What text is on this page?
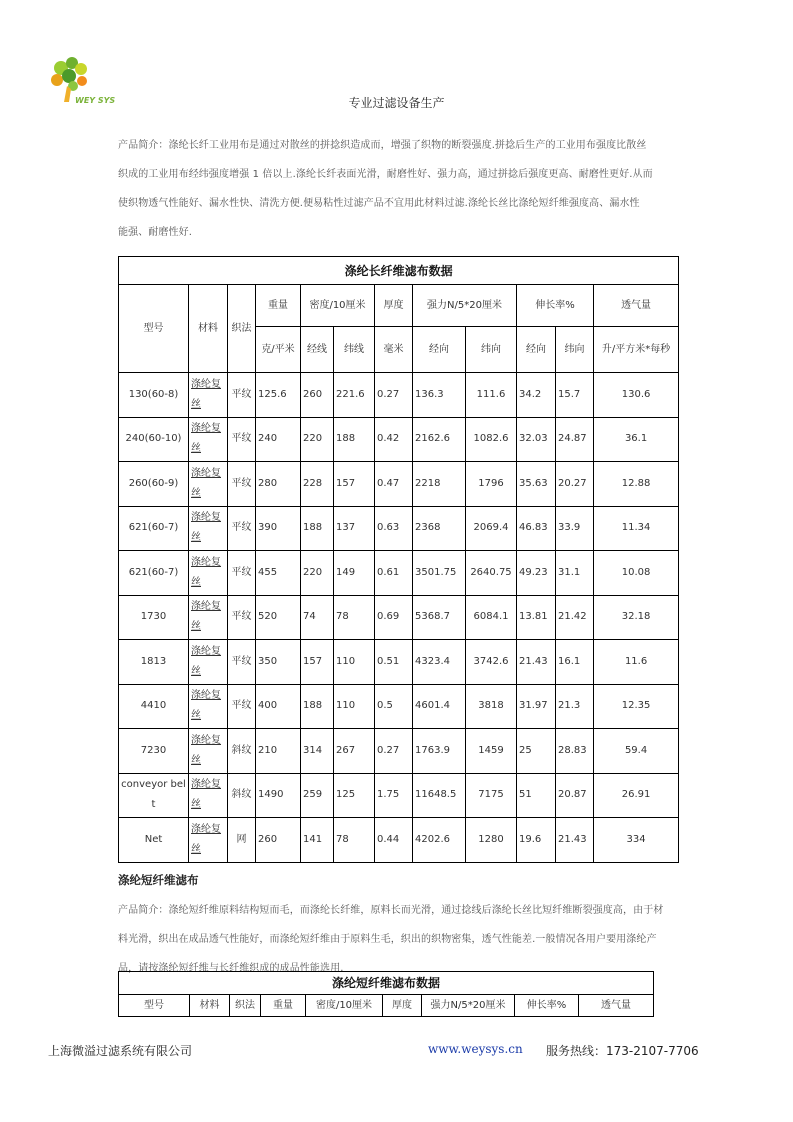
WEY SYS	专业过滤设备生产

产品简介：涤纶长纤工业用布是通过对散丝的拼捻织造成而，增强了织物的断裂强度.拼捻后生产的工业用布强度比散丝

织成的工业用布经纬强度增强 1 倍以上.涤纶长纤表面光滑，耐磨性好、强力高，通过拼捻后强度更高、耐磨性更好.从而

使织物透气性能好、漏水性快、清洗方便.便易粘性过滤产品不宜用此材料过滤.涤纶长丝比涤纶短纤维强度高、漏水性

能强、耐磨性好.

涤纶长纤维滤布数据											
型号	材料	织法	重量	密度/10厘米		厚度	强力N/5*20厘米		伸长率%		透气量
			克/平米	经线	纬线	毫米	经向	纬向	经向	纬向	升/平方米*每秒
130(60-8)	涤纶复丝	平纹	125.6	260	221.6	0.27	136.3	111.6	34.2	15.7	130.6
240(60-10)	涤纶复丝	平纹	240	220	188	0.42	2162.6	1082.6	32.03	24.87	36.1
260(60-9)	涤纶复丝	平纹	280	228	157	0.47	2218	1796	35.63	20.27	12.88
621(60-7)	涤纶复丝	平纹	390	188	137	0.63	2368	2069.4	46.83	33.9	11.34
621(60-7)	涤纶复丝	平纹	455	220	149	0.61	3501.75	2640.75	49.23	31.1	10.08
1730	涤纶复丝	平纹	520	74	78	0.69	5368.7	6084.1	13.81	21.42	32.18
1813	涤纶复丝	平纹	350	157	110	0.51	4323.4	3742.6	21.43	16.1	11.6
4410	涤纶复丝	平纹	400	188	110	0.5	4601.4	3818	31.97	21.3	12.35
7230	涤纶复丝	斜纹	210	314	267	0.27	1763.9	1459	25	28.83	59.4
conveyor belt	涤纶复丝	斜纹	1490	259	125	1.75	11648.5	7175	51	20.87	26.91
Net	涤纶复丝	网	260	141	78	0.44	4202.6	1280	19.6	21.43	334
涤纶短纤维滤布

产品简介：涤纶短纤维原料结构短而毛，而涤纶长纤维，原料长而光滑，通过捻线后涤纶长丝比短纤维断裂强度高，由于材

料光滑，织出在成品透气性能好，而涤纶短纤维由于原料生毛，织出的织物密集，透气性能差.一般情况各用户要用涤纶产

品，请按涤纶短纤维与长纤维织成的成品性能选用.

涤纶短纤维滤布数据
型号	材料	织法	重量	密度/10厘米	厚度	强力N/5*20厘米	伸长率%	透气量
上海微溢过滤系统有限公司	www.weysys.cn 服务热线：173-2107-7706
